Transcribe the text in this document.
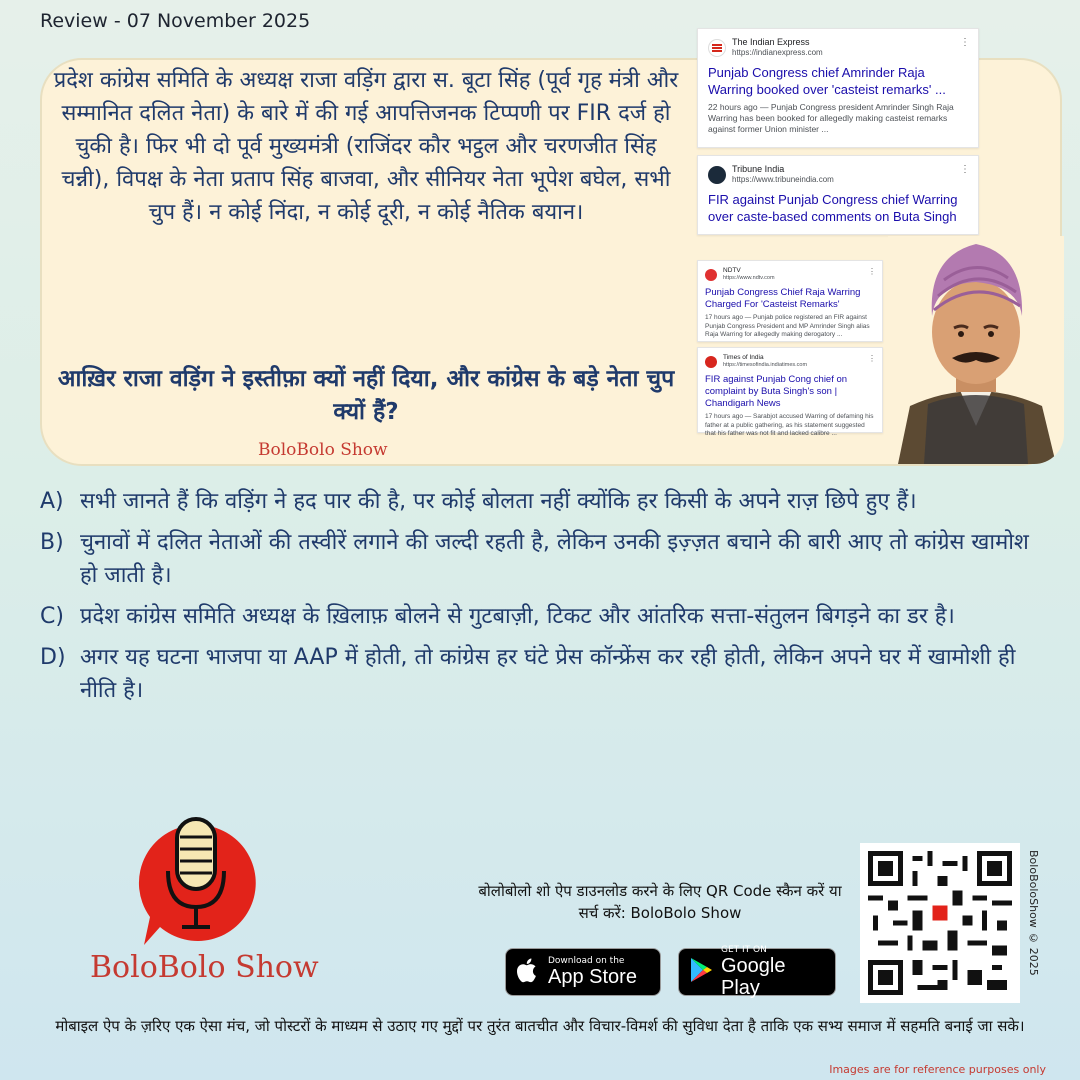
Review - 07 November 2025
प्रदेश कांग्रेस समिति के अध्यक्ष राजा वड़िंग द्वारा स. बूटा सिंह (पूर्व गृह मंत्री और सम्मानित दलित नेता) के बारे में की गई आपत्तिजनक टिप्पणी पर FIR दर्ज हो चुकी है। फिर भी दो पूर्व मुख्यमंत्री (राजिंदर कौर भट्ठल और चरणजीत सिंह चन्नी), विपक्ष के नेता प्रताप सिंह बाजवा, और सीनियर नेता भूपेश बघेल, सभी चुप हैं। न कोई निंदा, न कोई दूरी, न कोई नैतिक बयान।
आख़िर राजा वड़िंग ने इस्तीफ़ा क्यों नहीं दिया, और कांग्रेस के बड़े नेता चुप क्यों हैं?
BoloBolo Show
⋮
The Indian Express
https://indianexpress.com
Punjab Congress chief Amrinder Raja Warring booked over 'casteist remarks' ...
22 hours ago — Punjab Congress president Amrinder Singh Raja Warring has been booked for allegedly making casteist remarks against former Union minister ...
⋮
Tribune India
https://www.tribuneindia.com
FIR against Punjab Congress chief Warring over caste-based comments on Buta Singh
⋮
NDTV
https://www.ndtv.com
Punjab Congress Chief Raja Warring Charged For 'Casteist Remarks'
17 hours ago — Punjab police registered an FIR against Punjab Congress President and MP Amrinder Singh alias Raja Warring for allegedly making derogatory ...
⋮
Times of India
https://timesofindia.indiatimes.com
FIR against Punjab Cong chief on complaint by Buta Singh's son | Chandigarh News
17 hours ago — Sarabjot accused Warring of defaming his father at a public gathering, as his statement suggested that his father was not fit and lacked calibre ...
A) सभी जानते हैं कि वड़िंग ने हद पार की है, पर कोई बोलता नहीं क्योंकि हर किसी के अपने राज़ छिपे हुए हैं।
B) चुनावों में दलित नेताओं की तस्वीरें लगाने की जल्दी रहती है, लेकिन उनकी इज़्ज़त बचाने की बारी आए तो कांग्रेस खामोश हो जाती है।
C) प्रदेश कांग्रेस समिति अध्यक्ष के ख़िलाफ़ बोलने से गुटबाज़ी, टिकट और आंतरिक सत्ता-संतुलन बिगड़ने का डर है।
D) अगर यह घटना भाजपा या AAP में होती, तो कांग्रेस हर घंटे प्रेस कॉन्फ्रेंस कर रही होती, लेकिन अपने घर में खामोशी ही नीति है।
BoloBolo Show
बोलोबोलो शो ऐप डाउनलोड करने के लिए QR Code स्कैन करें या सर्च करें: BoloBolo Show
Download on the
App Store
GET IT ON
Google Play
BoloBoloShow © 2025
मोबाइल ऐप के ज़रिए एक ऐसा मंच, जो पोस्टरों के माध्यम से उठाए गए मुद्दों पर तुरंत बातचीत और विचार-विमर्श की सुविधा देता है ताकि एक सभ्य समाज में सहमति बनाई जा सके।
Images are for reference purposes only
